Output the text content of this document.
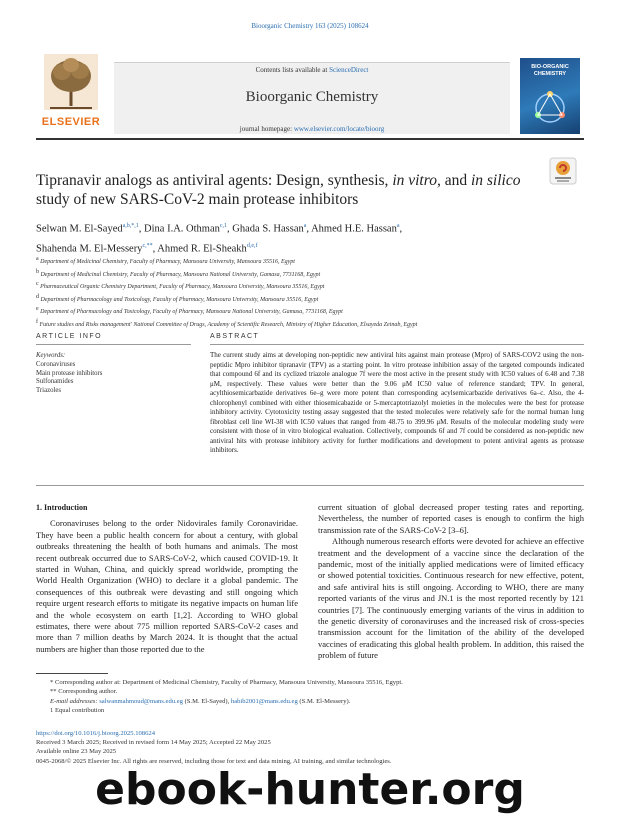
Bioorganic Chemistry 163 (2025) 108624
ELSEVIER
Contents lists available at ScienceDirect
Bioorganic Chemistry
journal homepage: www.elsevier.com/locate/bioorg
BIO-ORGANIC CHEMISTRY
Tipranavir analogs as antiviral agents: Design, synthesis, in vitro, and in silico study of new SARS-CoV-2 main protease inhibitors
Selwan M. El-Sayed$^{a,b,*,1}$, Dina I.A. Othman$^{c,1}$, Ghada S. Hassan$^a$, Ahmed H.E. Hassan$^a$,
Shahenda M. El-Messery$^{c,**}$, Ahmed R. El-Sheakh$^{d,e,f}$
$^a$ Department of Medicinal Chemistry, Faculty of Pharmacy, Mansoura University, Mansoura 35516, Egypt
$^b$ Department of Medicinal Chemistry, Faculty of Pharmacy, Mansoura National University, Gamasa, 7731168, Egypt
$^c$ Pharmaceutical Organic Chemistry Department, Faculty of Pharmacy, Mansoura University, Mansoura 35516, Egypt
$^d$ Department of Pharmacology and Toxicology, Faculty of Pharmacy, Mansoura University, Mansoura 35516, Egypt
$^e$ Department of Pharmacology and Toxicology, Faculty of Pharmacy, Mansoura National University, Gamasa, 7731168, Egypt
$^f$ Future studies and Risks management' National Committee of Drugs, Academy of Scientific Research, Ministry of Higher Education, Elsayeda Zeinab, Egypt
ARTICLE INFO
Keywords:
Coronaviruses
Main protease inhibitors
Sulfonamides
Triazoles
ABSTRACT
The current study aims at developing non-peptidic new antiviral hits against main protease (Mpro) of SARS-COV2 using the non-peptidic Mpro inhibitor tipranavir (TPV) as a starting point. In vitro protease inhibition assay of the targeted compounds indicated that compound 6f and its cyclized triazole analogue 7f were the most active in the present study with IC50 values of 6.48 and 7.38 μM, respectively. These values were better than the 9.06 μM IC50 value of reference standard; TPV. In general, acylthiosemicarbazide derivatives 6e–g were more potent than corresponding acylsemicarbazide derivatives 6a–c. Also, the 4-chlorophenyl combined with either thiosemicabazide or 5-mercaptotriazolyl moieties in the molecules were the best for protease inhibitory activity. Cytotoxicity testing assay suggested that the tested molecules were relatively safe for the normal human lung fibroblast cell line WI-38 with IC50 values that ranged from 48.75 to 399.96 μM. Results of the molecular modeling study were consistent with those of in vitro biological evaluation. Collectively, compounds 6f and 7f could be considered as non-peptidic new antiviral hits with protease inhibitory activity for further modifications and development to potent antiviral agents as protease inhibitors.
1. Introduction
Coronaviruses belong to the order Nidovirales family Coronaviridae. They have been a public health concern for about a century, with global outbreaks threatening the health of both humans and animals. The most recent outbreak occurred due to SARS-CoV-2, which caused COVID-19. It started in Wuhan, China, and quickly spread worldwide, prompting the World Health Organization (WHO) to declare it a global pandemic. The consequences of this outbreak were devasting and still ongoing which require urgent research efforts to mitigate its negative impacts on human life and the whole ecosystem on earth [1,2]. According to WHO global estimates, there were about 775 million reported SARS-CoV-2 cases and more than 7 million deaths by March 2024. It is thought that the actual numbers are higher than those reported due to the
current situation of global decreased proper testing rates and reporting. Nevertheless, the number of reported cases is enough to confirm the high transmission rate of the SARS-CoV-2 [3–6].
Although numerous research efforts were devoted for achieve an effective treatment and the development of a vaccine since the declaration of the pandemic, most of the initially applied medications were of limited efficacy or showed potential toxicities. Continuous research for new effective, potent, and safe antiviral hits is still ongoing. According to WHO, there are many reported variants of the virus and JN.1 is the most reported recently by 121 countries [7]. The continuously emerging variants of the virus in addition to the genetic diversity of coronaviruses and the increased risk of cross-species transmission account for the limitation of the ability of the developed vaccines of eradicating this global health problem. In addition, this raised the problem of future
* Corresponding author at: Department of Medicinal Chemistry, Faculty of Pharmacy, Mansoura University, Mansoura 35516, Egypt.
** Corresponding author.
E-mail addresses: salwanmahmoud@mans.edu.eg (S.M. El-Sayed), habib2001@mans.edu.eg (S.M. El-Messery).
1 Equal contribution
https://doi.org/10.1016/j.bioorg.2025.108624
Received 3 March 2025; Received in revised form 14 May 2025; Accepted 22 May 2025
Available online 23 May 2025
0045-2068/© 2025 Elsevier Inc. All rights are reserved, including those for text and data mining, AI training, and similar technologies.
ebook-hunter.org
